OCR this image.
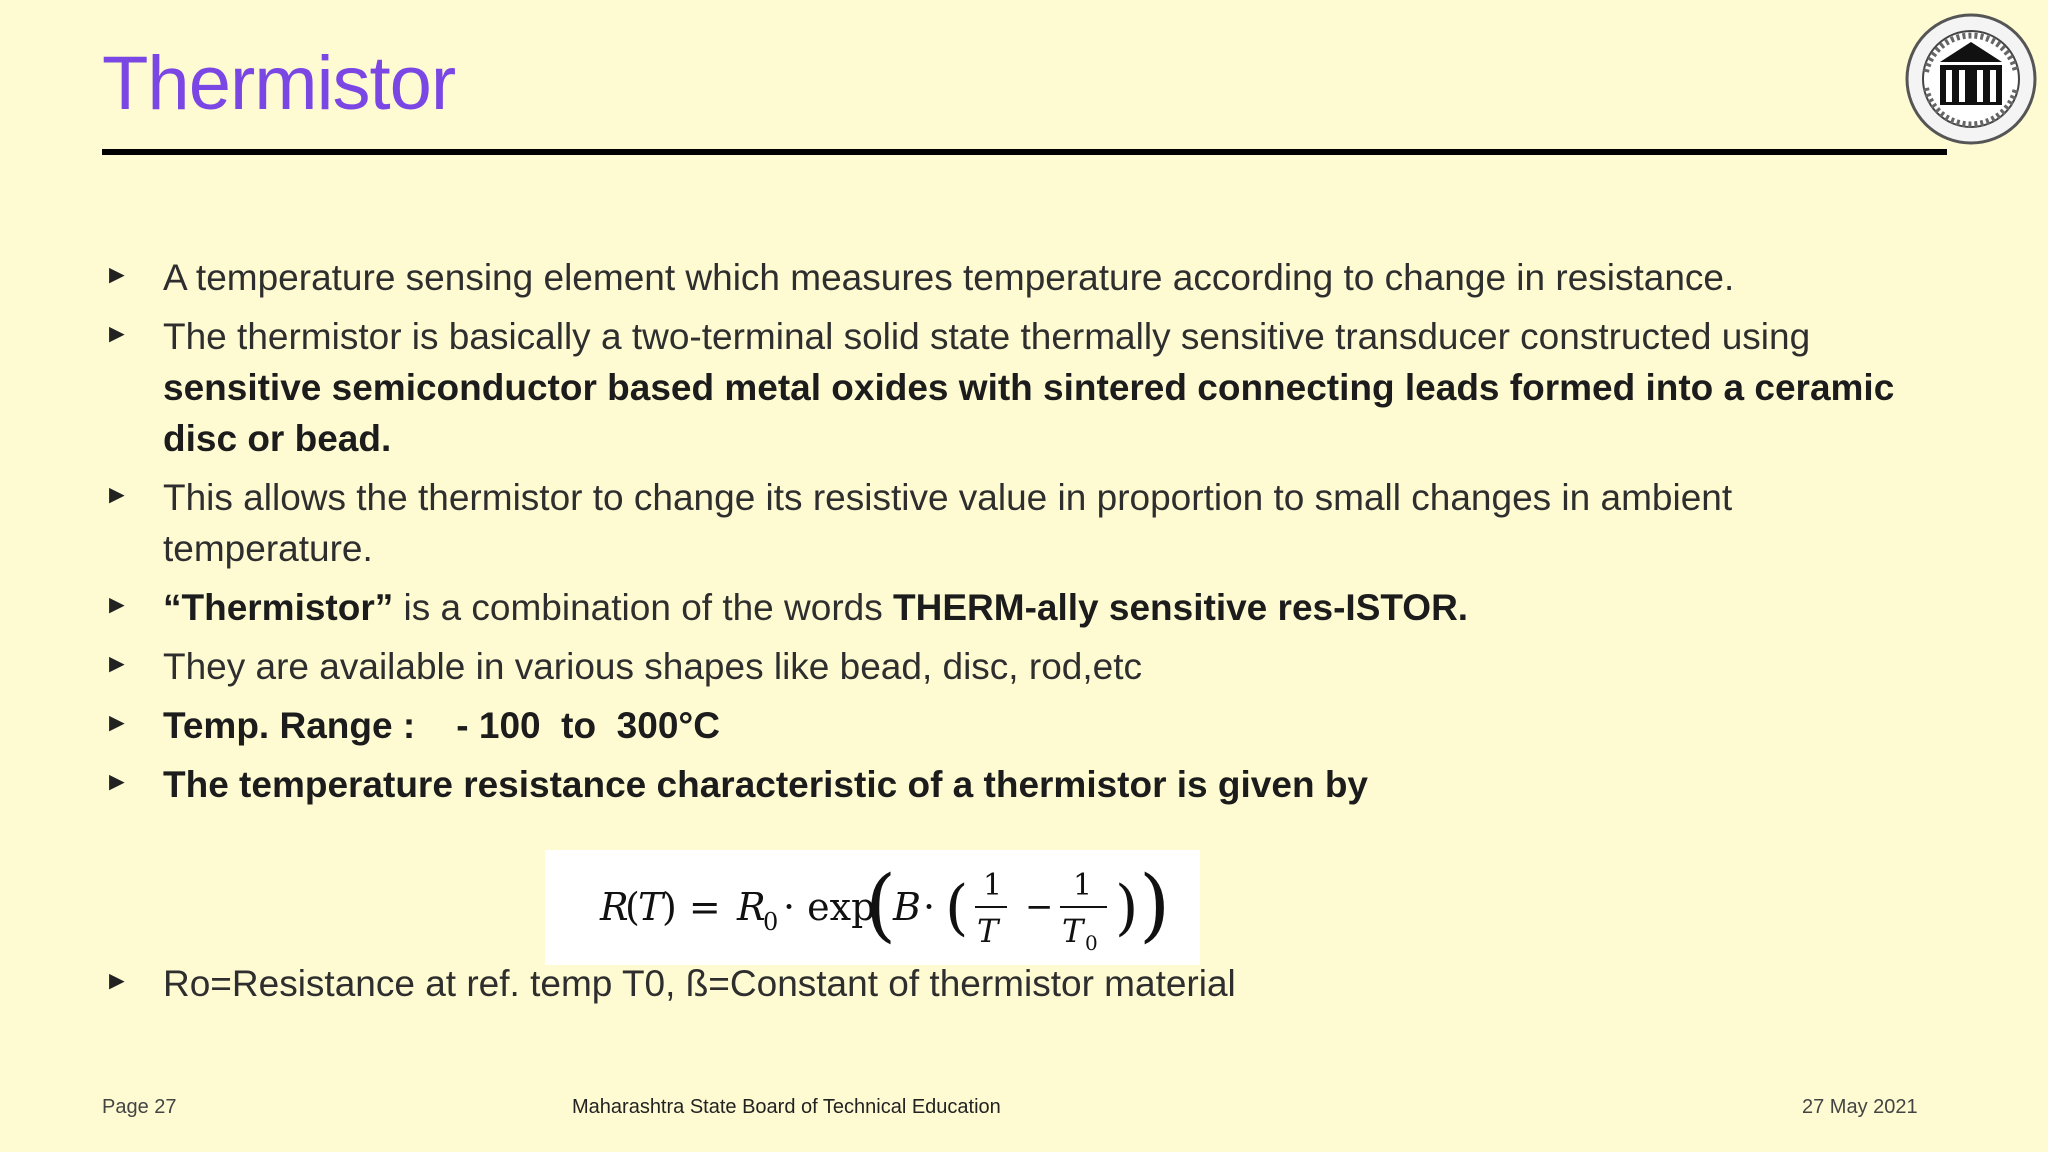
Thermistor
► A temperature sensing element which measures temperature according to change in resistance.
► The thermistor is basically a two-terminal solid state thermally sensitive transducer constructed using sensitive semiconductor based metal oxides with sintered connecting leads formed into a ceramic disc or bead.
► This allows the thermistor to change its resistive value in proportion to small changes in ambient temperature.
► “Thermistor” is a combination of the words THERM-ally sensitive res-ISTOR.
► They are available in various shapes like bead, disc, rod,etc
► Temp. Range :    - 100  to  300°C
► The temperature resistance characteristic of a thermistor is given by
R
(
T
) = R
0 · exp
(
B · ( 1
T
−
1
T 0 ) )
► Ro=Resistance at ref. temp T0, ß=Constant of thermistor material
Page 27	Maharashtra State Board of Technical Education	27 May 2021
